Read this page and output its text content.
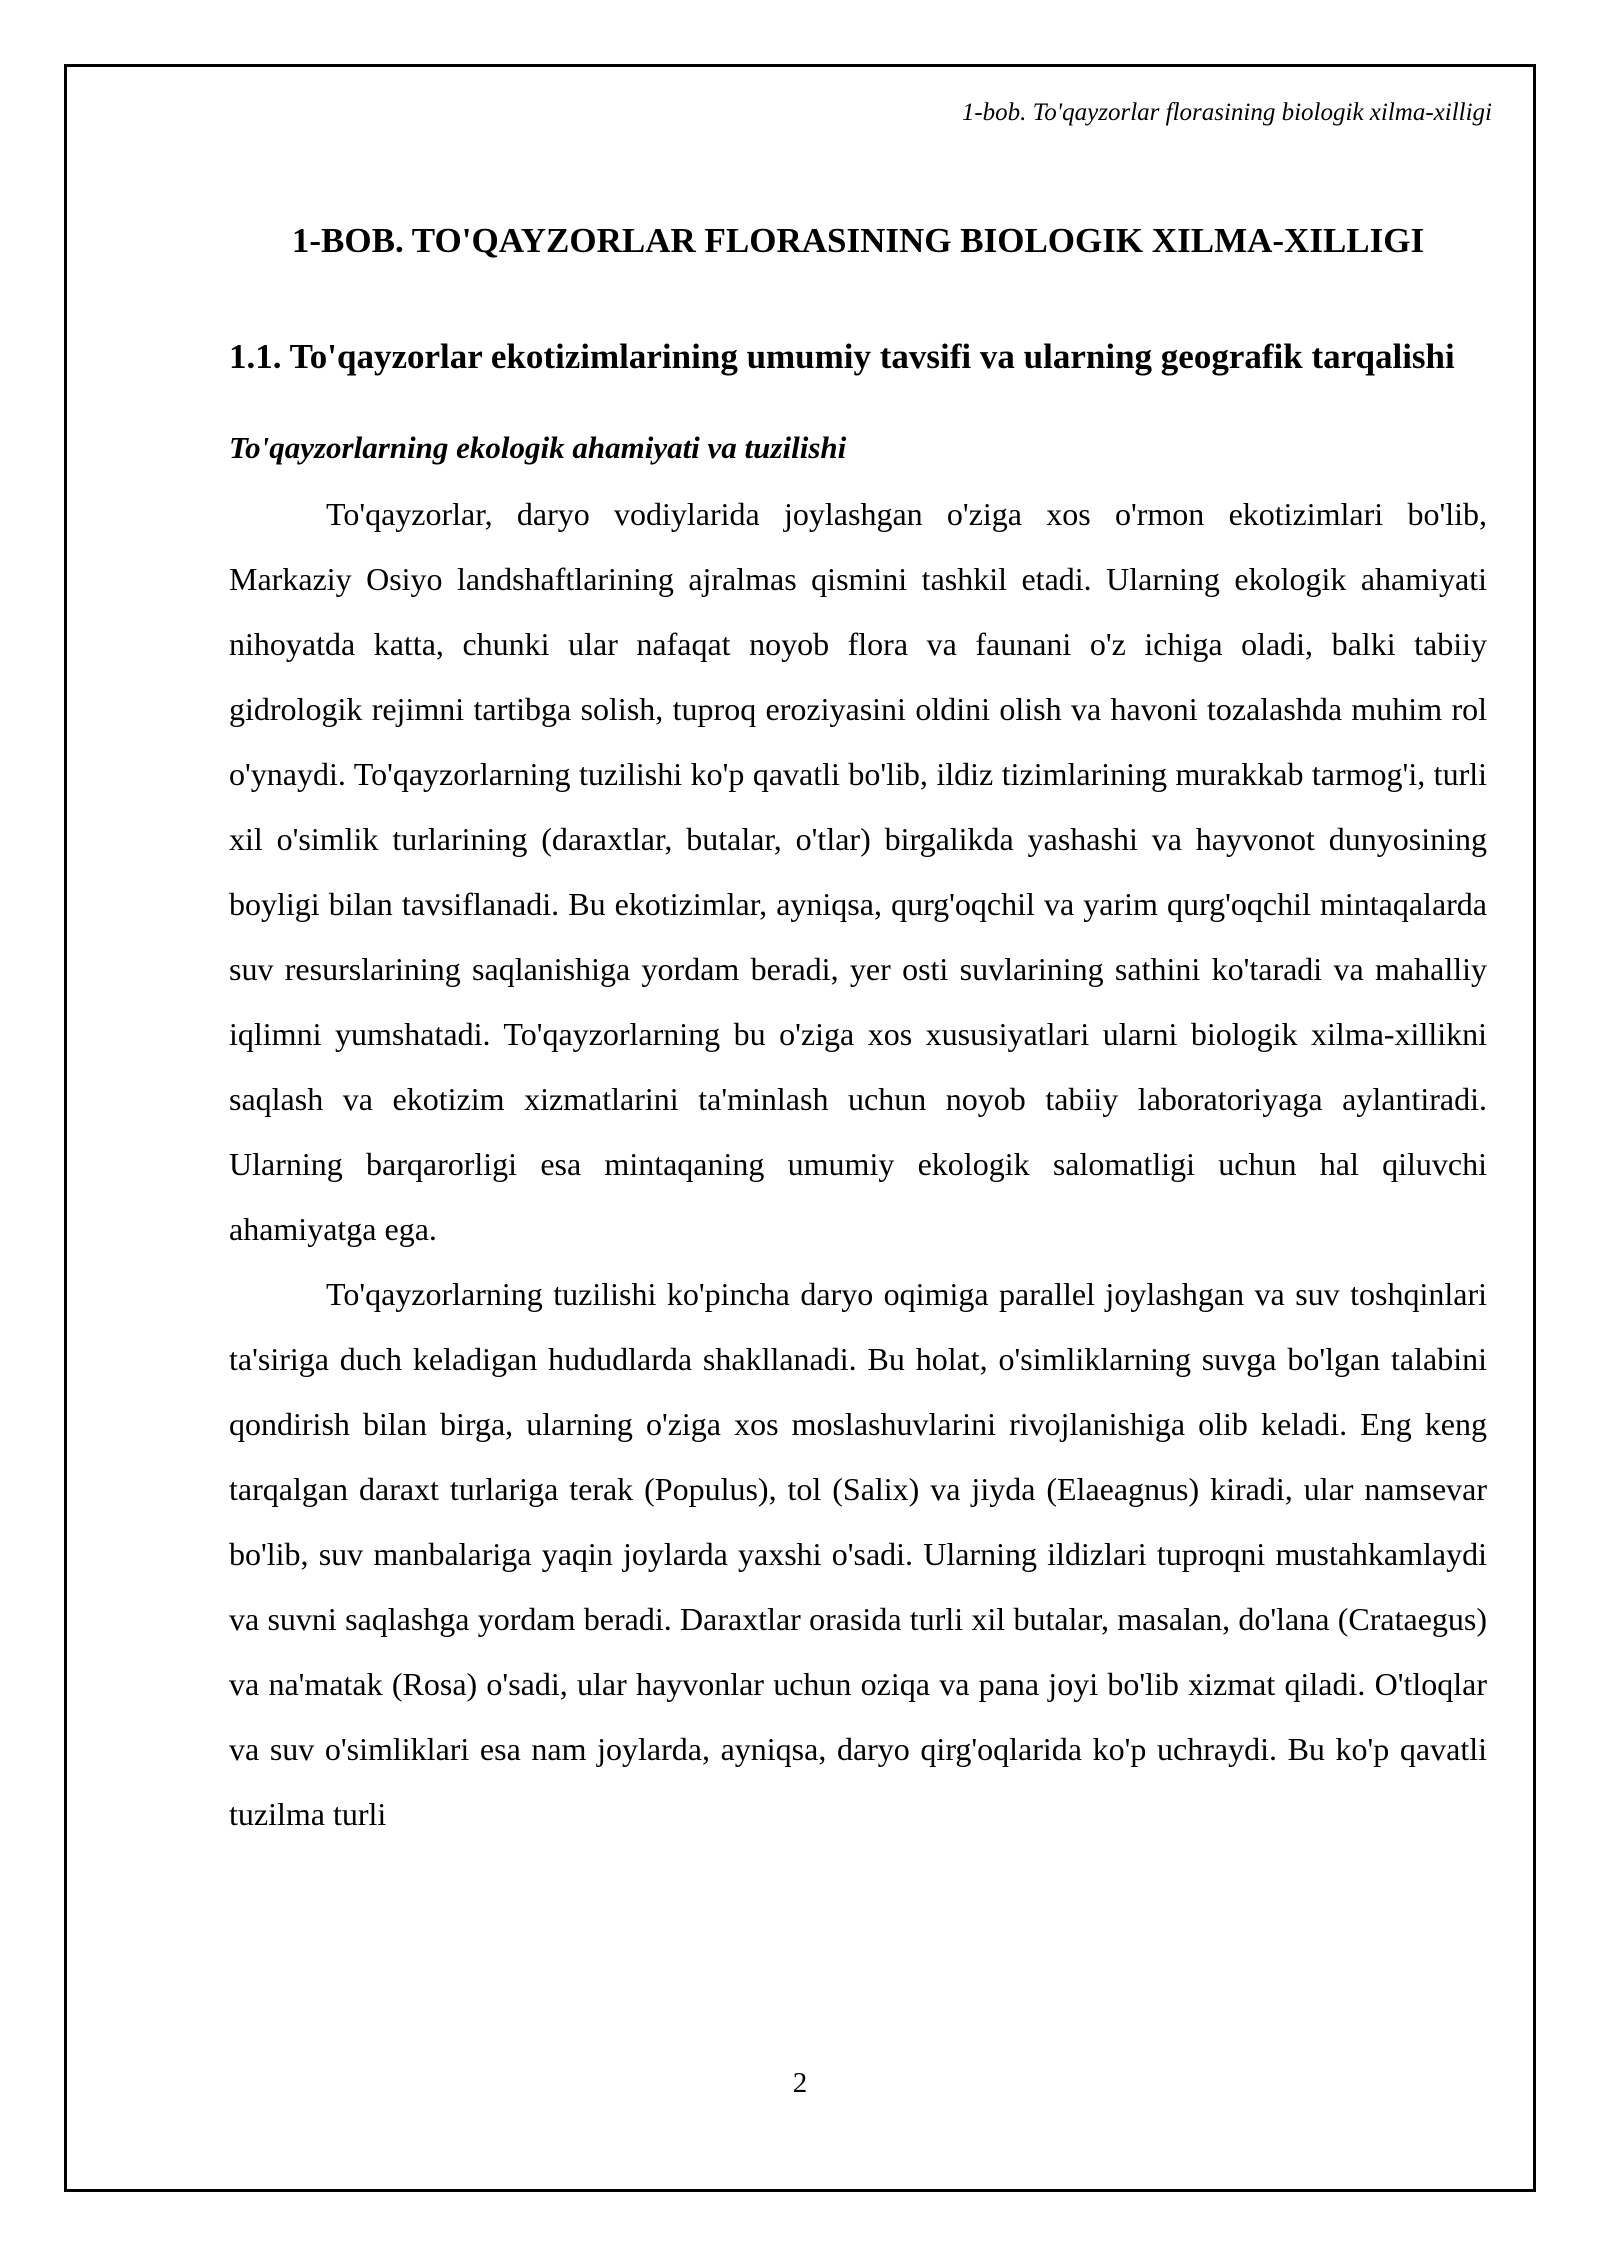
1-bob. To'qayzorlar florasining biologik xilma-xilligi

1-BOB. TO'QAYZORLAR FLORASINING BIOLOGIK XILMA-XILLIGI
1.1. To'qayzorlar ekotizimlarining umumiy tavsifi va ularning geografik tarqalishi
To'qayzorlarning ekologik ahamiyati va tuzilishi

To'qayzorlar, daryo vodiylarida joylashgan o'ziga xos o'rmon ekotizimlari bo'lib, Markaziy Osiyo landshaftlarining ajralmas qismini tashkil etadi. Ularning ekologik ahamiyati nihoyatda katta, chunki ular nafaqat noyob flora va faunani o'z ichiga oladi, balki tabiiy gidrologik rejimni tartibga solish, tuproq eroziyasini oldini olish va havoni tozalashda muhim rol o'ynaydi. To'qayzorlarning tuzilishi ko'p qavatli bo'lib, ildiz tizimlarining murakkab tarmog'i, turli xil o'simlik turlarining (daraxtlar, butalar, o'tlar) birgalikda yashashi va hayvonot dunyosining boyligi bilan tavsiflanadi. Bu ekotizimlar, ayniqsa, qurg'oqchil va yarim qurg'oqchil mintaqalarda suv resurslarining saqlanishiga yordam beradi, yer osti suvlarining sathini ko'taradi va mahalliy iqlimni yumshatadi. To'qayzorlarning bu o'ziga xos xususiyatlari ularni biologik xilma-xillikni saqlash va ekotizim xizmatlarini ta'minlash uchun noyob tabiiy laboratoriyaga aylantiradi. Ularning barqarorligi esa mintaqaning umumiy ekologik salomatligi uchun hal qiluvchi ahamiyatga ega.

To'qayzorlarning tuzilishi ko'pincha daryo oqimiga parallel joylashgan va suv toshqinlari ta'siriga duch keladigan hududlarda shakllanadi. Bu holat, o'simliklarning suvga bo'lgan talabini qondirish bilan birga, ularning o'ziga xos moslashuvlarini rivojlanishiga olib keladi. Eng keng tarqalgan daraxt turlariga terak (Populus), tol (Salix) va jiyda (Elaeagnus) kiradi, ular namsevar bo'lib, suv manbalariga yaqin joylarda yaxshi o'sadi. Ularning ildizlari tuproqni mustahkamlaydi va suvni saqlashga yordam beradi. Daraxtlar orasida turli xil butalar, masalan, do'lana (Crataegus) va na'matak (Rosa) o'sadi, ular hayvonlar uchun oziqa va pana joyi bo'lib xizmat qiladi. O'tloqlar va suv o'simliklari esa nam joylarda, ayniqsa, daryo qirg'oqlarida ko'p uchraydi. Bu ko'p qavatli tuzilma turli

2
